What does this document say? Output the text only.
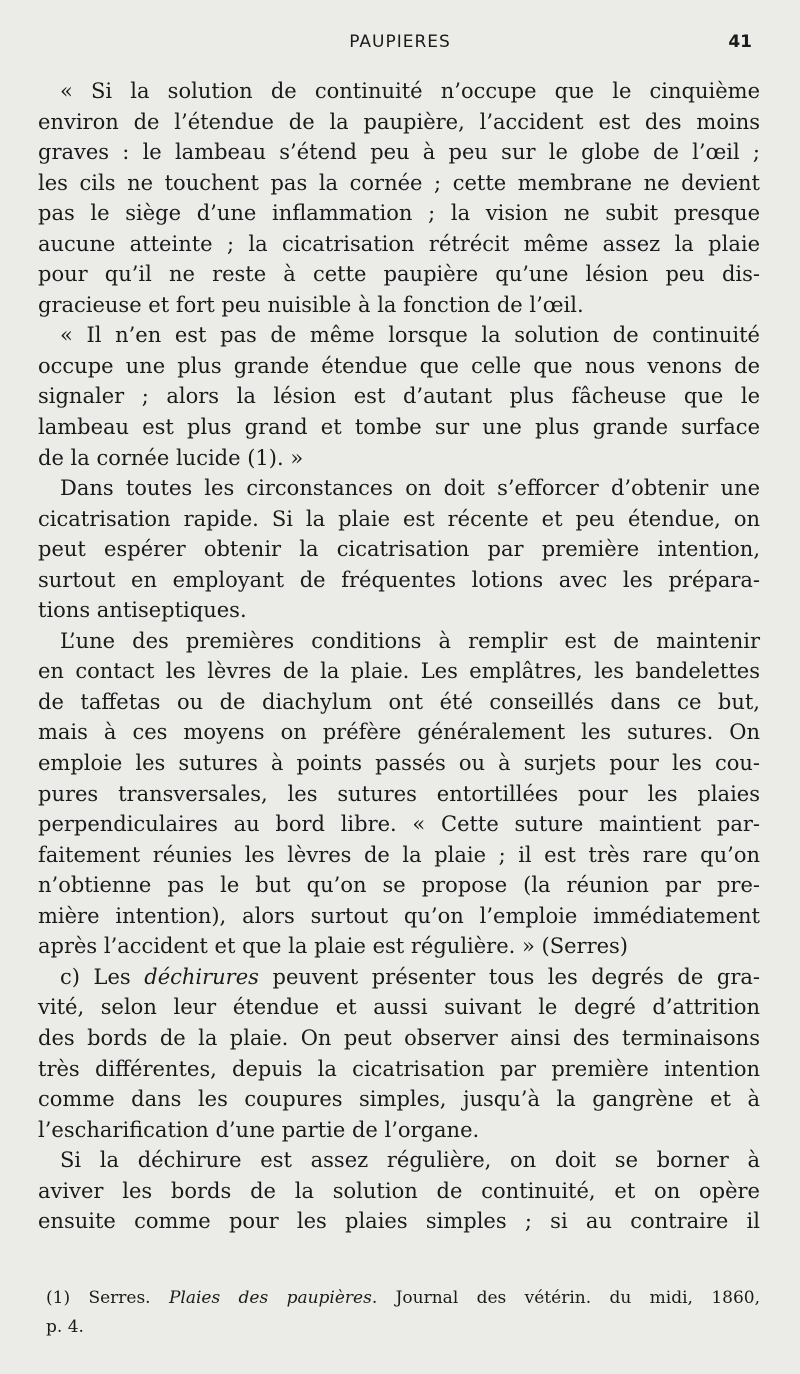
PAUPIERES	41
« Si la solution de continuité n’occupe que le cinquième
environ de l’étendue de la paupière, l’accident est des moins
graves : le lambeau s’étend peu à peu sur le globe de l’œil ;
les cils ne touchent pas la cornée ; cette membrane ne devient
pas le siège d’une inflammation ; la vision ne subit presque
aucune atteinte ; la cicatrisation rétrécit même assez la plaie
pour qu’il ne reste à cette paupière qu’une lésion peu dis-
gracieuse et fort peu nuisible à la fonction de l’œil.
« Il n’en est pas de même lorsque la solution de continuité
occupe une plus grande étendue que celle que nous venons de
signaler ; alors la lésion est d’autant plus fâcheuse que le
lambeau est plus grand et tombe sur une plus grande surface
de la cornée lucide (1). »
Dans toutes les circonstances on doit s’efforcer d’obtenir une
cicatrisation rapide. Si la plaie est récente et peu étendue, on
peut espérer obtenir la cicatrisation par première intention,
surtout en employant de fréquentes lotions avec les prépara-
tions antiseptiques.
L’une des premières conditions à remplir est de maintenir
en contact les lèvres de la plaie. Les emplâtres, les bandelettes
de taffetas ou de diachylum ont été conseillés dans ce but,
mais à ces moyens on préfère généralement les sutures. On
emploie les sutures à points passés ou à surjets pour les cou-
pures transversales, les sutures entortillées pour les plaies
perpendiculaires au bord libre. « Cette suture maintient par-
faitement réunies les lèvres de la plaie ; il est très rare qu’on
n’obtienne pas le but qu’on se propose (la réunion par pre-
mière intention), alors surtout qu’on l’emploie immédiatement
après l’accident et que la plaie est régulière. » (Serres)
c) Les déchirures peuvent présenter tous les degrés de gra-
vité, selon leur étendue et aussi suivant le degré d’attrition
des bords de la plaie. On peut observer ainsi des terminaisons
très différentes, depuis la cicatrisation par première intention
comme dans les coupures simples, jusqu’à la gangrène et à
l’escharification d’une partie de l’organe.
Si la déchirure est assez régulière, on doit se borner à
aviver les bords de la solution de continuité, et on opère
ensuite comme pour les plaies simples ; si au contraire il
(1) Serres. Plaies des paupières. Journal des vétérin. du midi, 1860,
p. 4.
